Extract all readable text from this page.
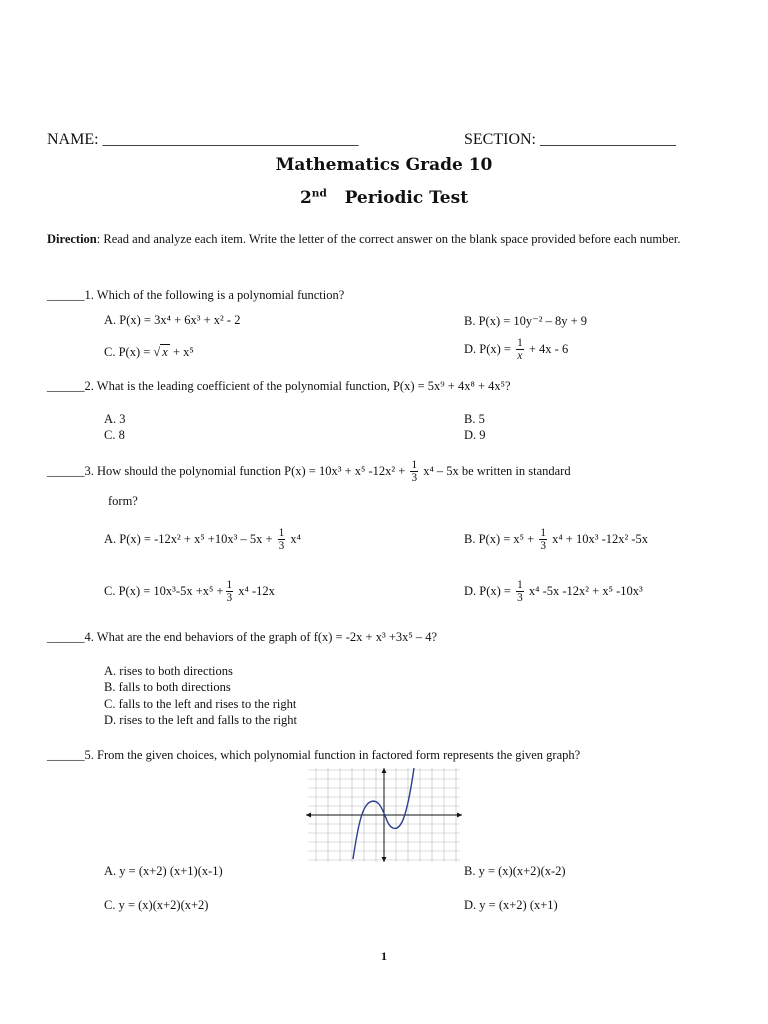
NAME: ________________________________	SECTION: _________________
Mathematics Grade 10
2nd Periodic Test
Direction: Read and analyze each item. Write the letter of the correct answer on the blank space provided before each number.
______1. Which of the following is a polynomial function?
A. P(x) = 3x⁴ + 6x³ + x² - 2	B. P(x) = 10y⁻² – 8y + 9
C. P(x) = √ x + x⁵	D. $P(x) = \frac{1}{x} + 4x - 6$
______2. What is the leading coefficient of the polynomial function, P(x) = 5x⁹ + 4x⁸ + 4x⁵?
A. 3	B. 5
C. 8	D. 9
______3. How should the polynomial function P(x) = 10x³ + x⁵ $-12x^2 + \frac{1}{3} x^4 - 5x$ be written in standard
form?
A. $P(x) = -12x^2 + x^5 +10x^3 - 5x + \frac{1}{3} x^4$	B. $P(x) = x^5 + \frac{1}{3} x^4 + 10x^3$ -12x² -5x
C. $P(x) = 10x^3-5x +x^5 + \frac{1}{3} x^4$ -12x	D. $P(x) = \frac{1}{3} x^4$ -5x -12x² + x⁵ -10x³
______4. What are the end behaviors of the graph of f(x) = -2x + x³ +3x⁵ – 4?
A. rises to both directions
B. falls to both directions
C. falls to the left and rises to the right
D. rises to the left and falls to the right
______5. From the given choices, which polynomial function in factored form represents the given graph?
A. y = (x+2) (x+1)(x-1)	B. y = (x)(x+2)(x-2)
C. y = (x)(x+2)(x+2)	D. y = (x+2) (x+1)
1
